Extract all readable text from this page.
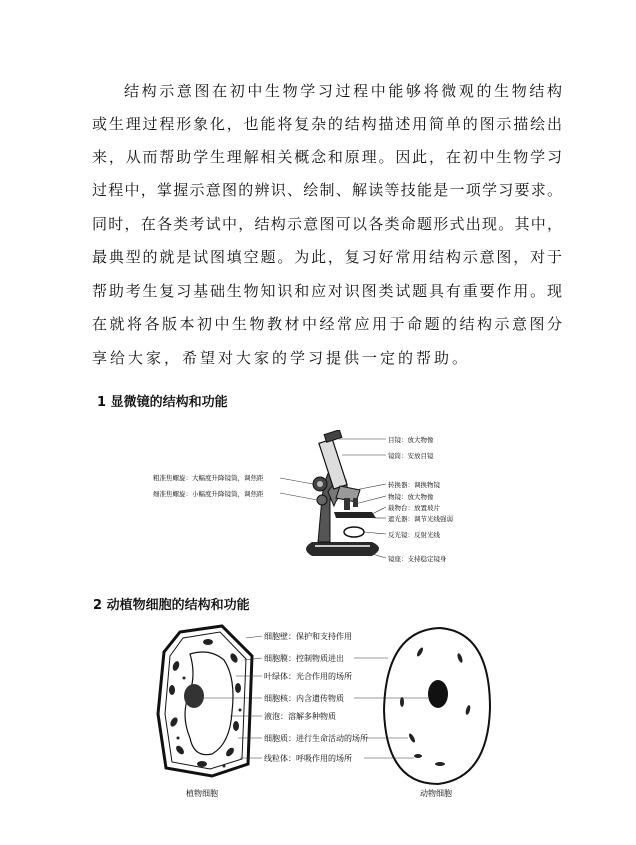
结构示意图在初中生物学习过程中能够将微观的生物结构
或生理过程形象化，也能将复杂的结构描述用简单的图示描绘出
来，从而帮助学生理解相关概念和原理。因此，在初中生物学习
过程中，掌握示意图的辨识、绘制、解读等技能是一项学习要求。
同时，在各类考试中，结构示意图可以各类命题形式出现。其中，
最典型的就是试图填空题。为此，复习好常用结构示意图，对于
帮助考生复习基础生物知识和应对识图类试题具有重要作用。现
在就将各版本初中生物教材中经常应用于命题的结构示意图分
享给大家，希望对大家的学习提供一定的帮助。
1 显微镜的结构和功能
目镜：放大物像
镜筒：安放目镜
转换器：调换物镜
物镜：放大物像
载物台：放置玻片
遮光器：调节光线强弱
反光镜：反射光线
镜座：支持稳定镜身
粗准焦螺旋：大幅度升降镜筒，调焦距
细准焦螺旋：小幅度升降镜筒，调焦距
2 动植物细胞的结构和功能
细胞壁：保护和支持作用
细胞膜：控制物质进出
叶绿体：光合作用的场所
细胞核：内含遗传物质
液泡：溶解多种物质
细胞质：进行生命活动的场所
线粒体：呼吸作用的场所
植物细胞	动物细胞
